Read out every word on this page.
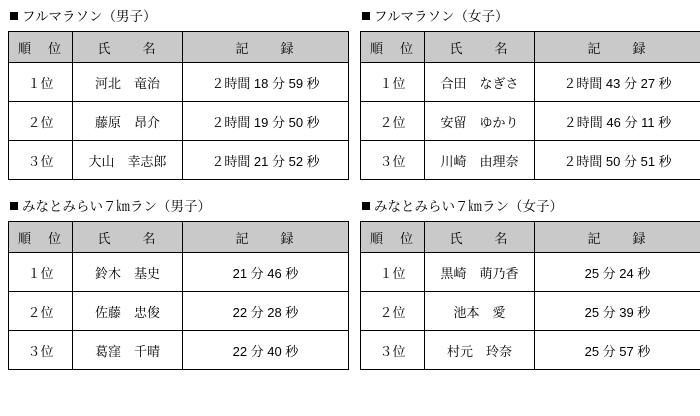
フルマラソン（男子）
順　位	氏　　名	記　　録
１位	河北　竜治	２時間 18 分 59 秒
２位	藤原　昂介	２時間 19 分 50 秒
３位	大山　幸志郎	２時間 21 分 52 秒
フルマラソン（女子）
順　位	氏　　名	記　　録
１位	合田　なぎさ	２時間 43 分 27 秒
２位	安留　ゆかり	２時間 46 分 11 秒
３位	川崎　由理奈	２時間 50 分 51 秒
みなとみらい７㎞ラン（男子）
順　位	氏　　名	記　　録
１位	鈴木　基史	21 分 46 秒
２位	佐藤　忠俊	22 分 28 秒
３位	葛窪　千晴	22 分 40 秒
みなとみらい７㎞ラン（女子）
順　位	氏　　名	記　　録
１位	黒崎　萌乃香	25 分 24 秒
２位	池本　愛	25 分 39 秒
３位	村元　玲奈	25 分 57 秒
